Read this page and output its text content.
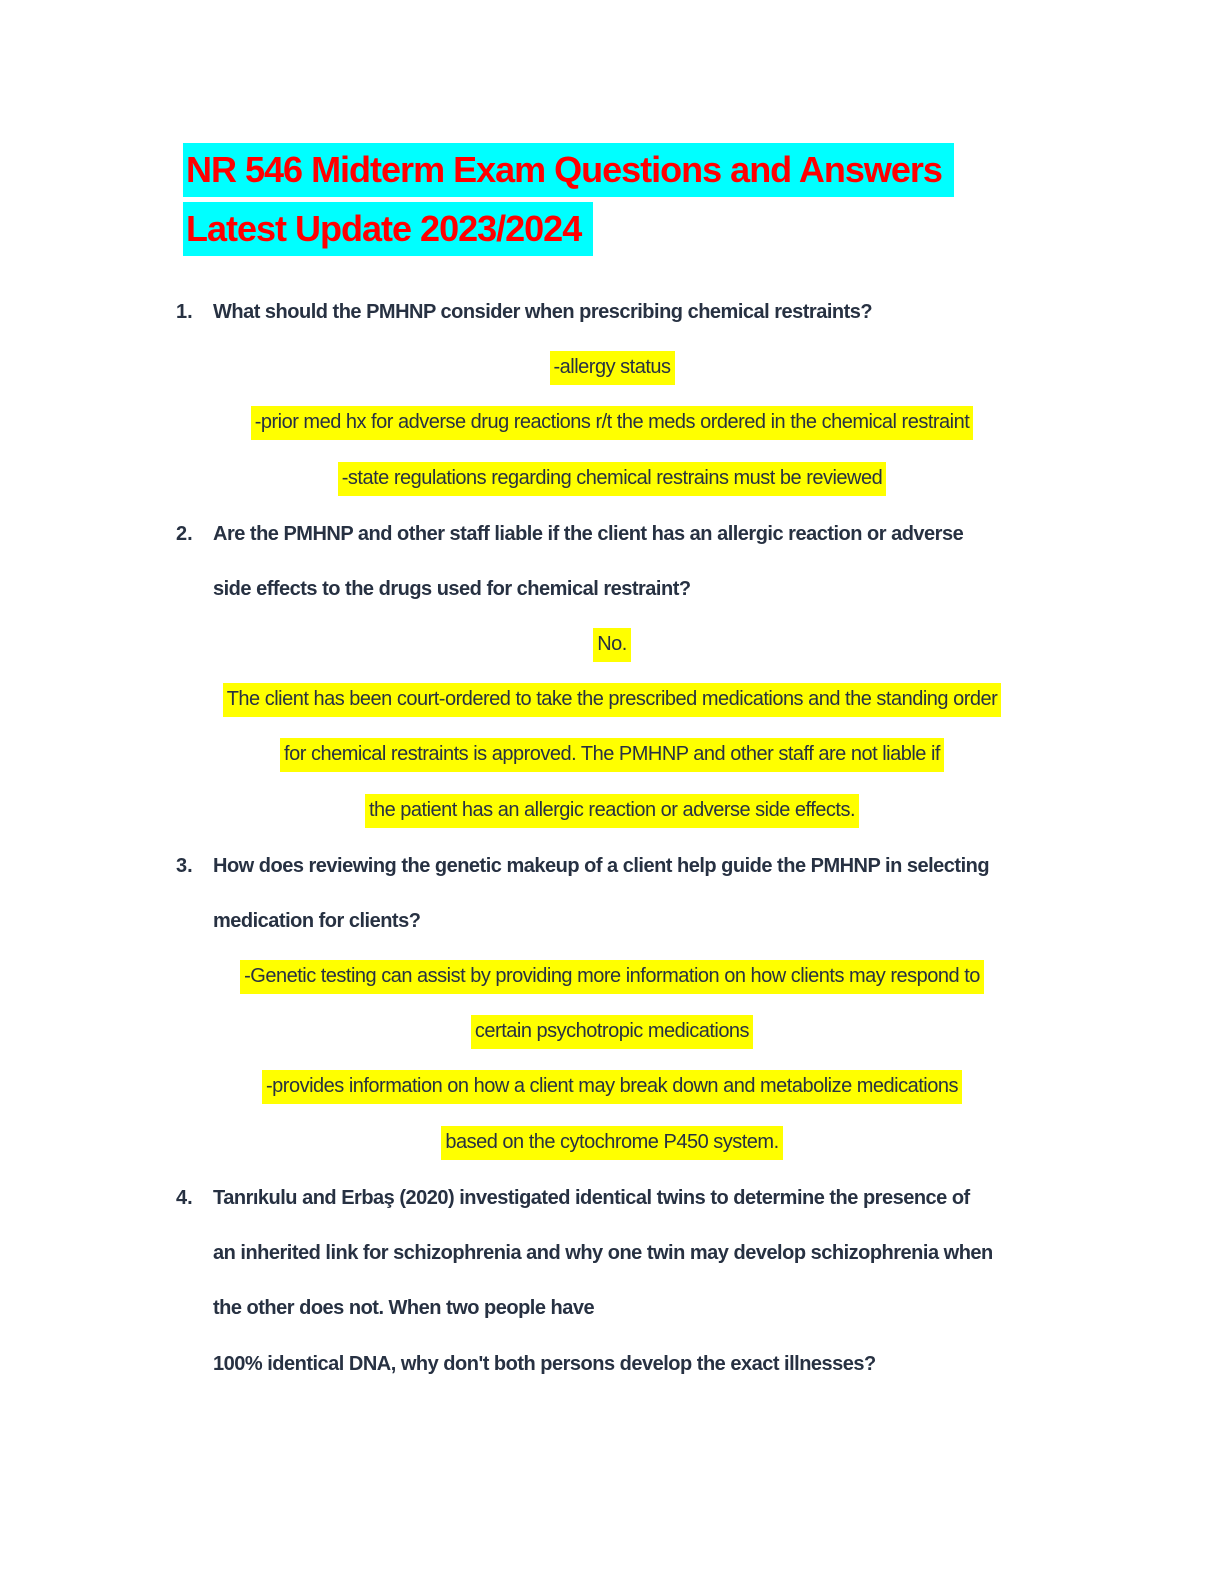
NR 546 Midterm Exam Questions and Answers
Latest Update 2023/2024
1.	What should the PMHNP consider when prescribing chemical restraints?
-allergy status
-prior med hx for adverse drug reactions r/t the meds ordered in the chemical restraint
-state regulations regarding chemical restrains must be reviewed
2.	Are the PMHNP and other staff liable if the client has an allergic reaction or adverse
side effects to the drugs used for chemical restraint?
No.
The client has been court-ordered to take the prescribed medications and the standing order
for chemical restraints is approved. The PMHNP and other staff are not liable if
the patient has an allergic reaction or adverse side effects.
3.	How does reviewing the genetic makeup of a client help guide the PMHNP in selecting
medication for clients?
-Genetic testing can assist by providing more information on how clients may respond to
certain psychotropic medications
-provides information on how a client may break down and metabolize medications
based on the cytochrome P450 system.
4.	Tanrıkulu and Erbaş (2020) investigated identical twins to determine the presence of
an inherited link for schizophrenia and why one twin may develop schizophrenia when
the other does not. When two people have
100% identical DNA, why don't both persons develop the exact illnesses?
